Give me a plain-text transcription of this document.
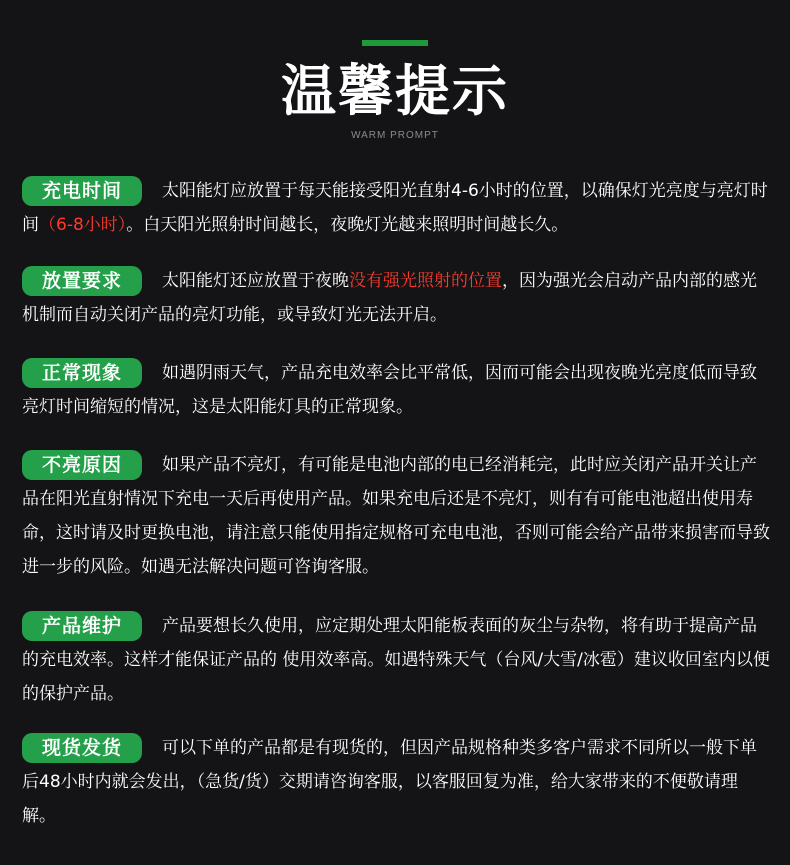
温馨提示
WARM PROMPT
充电时间	太阳能灯应放置于每天能接受阳光直射4-6小时的位置，以确保灯光亮度与亮灯时间（6-8小时）。白天阳光照射时间越长，夜晚灯光越来照明时间越长久。
放置要求	太阳能灯还应放置于夜晚没有强光照射的位置，因为强光会启动产品内部的感光机制而自动关闭产品的亮灯功能，或导致灯光无法开启。
正常现象	如遇阴雨天气，产品充电效率会比平常低，因而可能会出现夜晚光亮度低而导致亮灯时间缩短的情况，这是太阳能灯具的正常现象。
不亮原因	如果产品不亮灯，有可能是电池内部的电已经消耗完，此时应关闭产品开关让产品在阳光直射情况下充电一天后再使用产品。如果充电后还是不亮灯，则有有可能电池超出使用寿命，这时请及时更换电池，请注意只能使用指定规格可充电电池，否则可能会给产品带来损害而导致进一步的风险。如遇无法解决问题可咨询客服。
产品维护	产品要想长久使用，应定期处理太阳能板表面的灰尘与杂物，将有助于提高产品的充电效率。这样才能保证产品的 使用效率高。如遇特殊天气（台风/大雪/冰雹）建议收回室内以便的保护产品。
现货发货	可以下单的产品都是有现货的，但因产品规格种类多客户需求不同所以一般下单后48小时内就会发出，（急货/货）交期请咨询客服，以客服回复为准，给大家带来的不便敬请理解。
